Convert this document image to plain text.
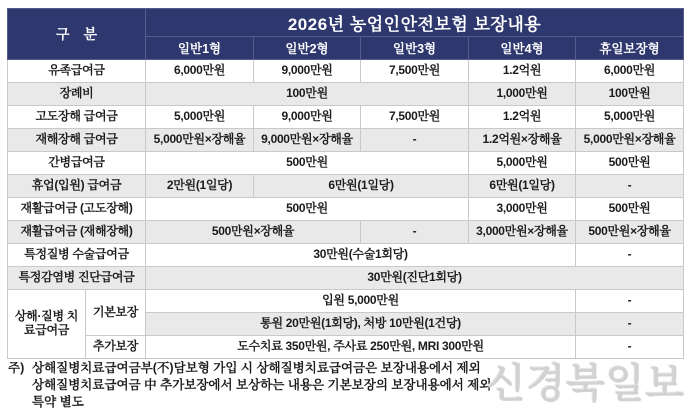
구 분		2026년 농업인안전보험 보장내용				
		일반1형	일반2형	일반3형	일반4형	휴일보장형
유족급여금		6,000만원	9,000만원	7,500만원	1.2억원	6,000만원
장례비		100만원			1,000만원	100만원
고도장해 급여금		5,000만원	9,000만원	7,500만원	1.2억원	5,000만원
재해장해 급여금		5,000만원×장해율	9,000만원×장해율	-	1.2억원×장해율	5,000만원×장해율
간병급여금		500만원			5,000만원	500만원
휴업(입원) 급여금		2만원(1일당)	6만원(1일당)		6만원(1일당)	-
재활급여금 (고도장해)		500만원			3,000만원	500만원
재활급여금 (재해장해)		500만원×장해율		-	3,000만원×장해율	500만원×장해율
특정질병 수술급여금		30만원(수술1회당)				-
특정감염병 진단급여금		30만원(진단1회당)				
상해·질병 치료급여금	기본보장	입원 5,000만원				-
		통원 20만원(1회당), 처방 10만원(1건당)				-
	추가보장	도수치료 350만원, 주사료 250만원, MRI 300만원				-
주) 상해질병치료급여금부(不)담보형 가입 시 상해질병치료급여금은 보장내용에서 제외
상해질병치료급여금 中 추가보장에서 보상하는 내용은 기본보장의 보장내용에서 제외
특약 별도	신경북일보
